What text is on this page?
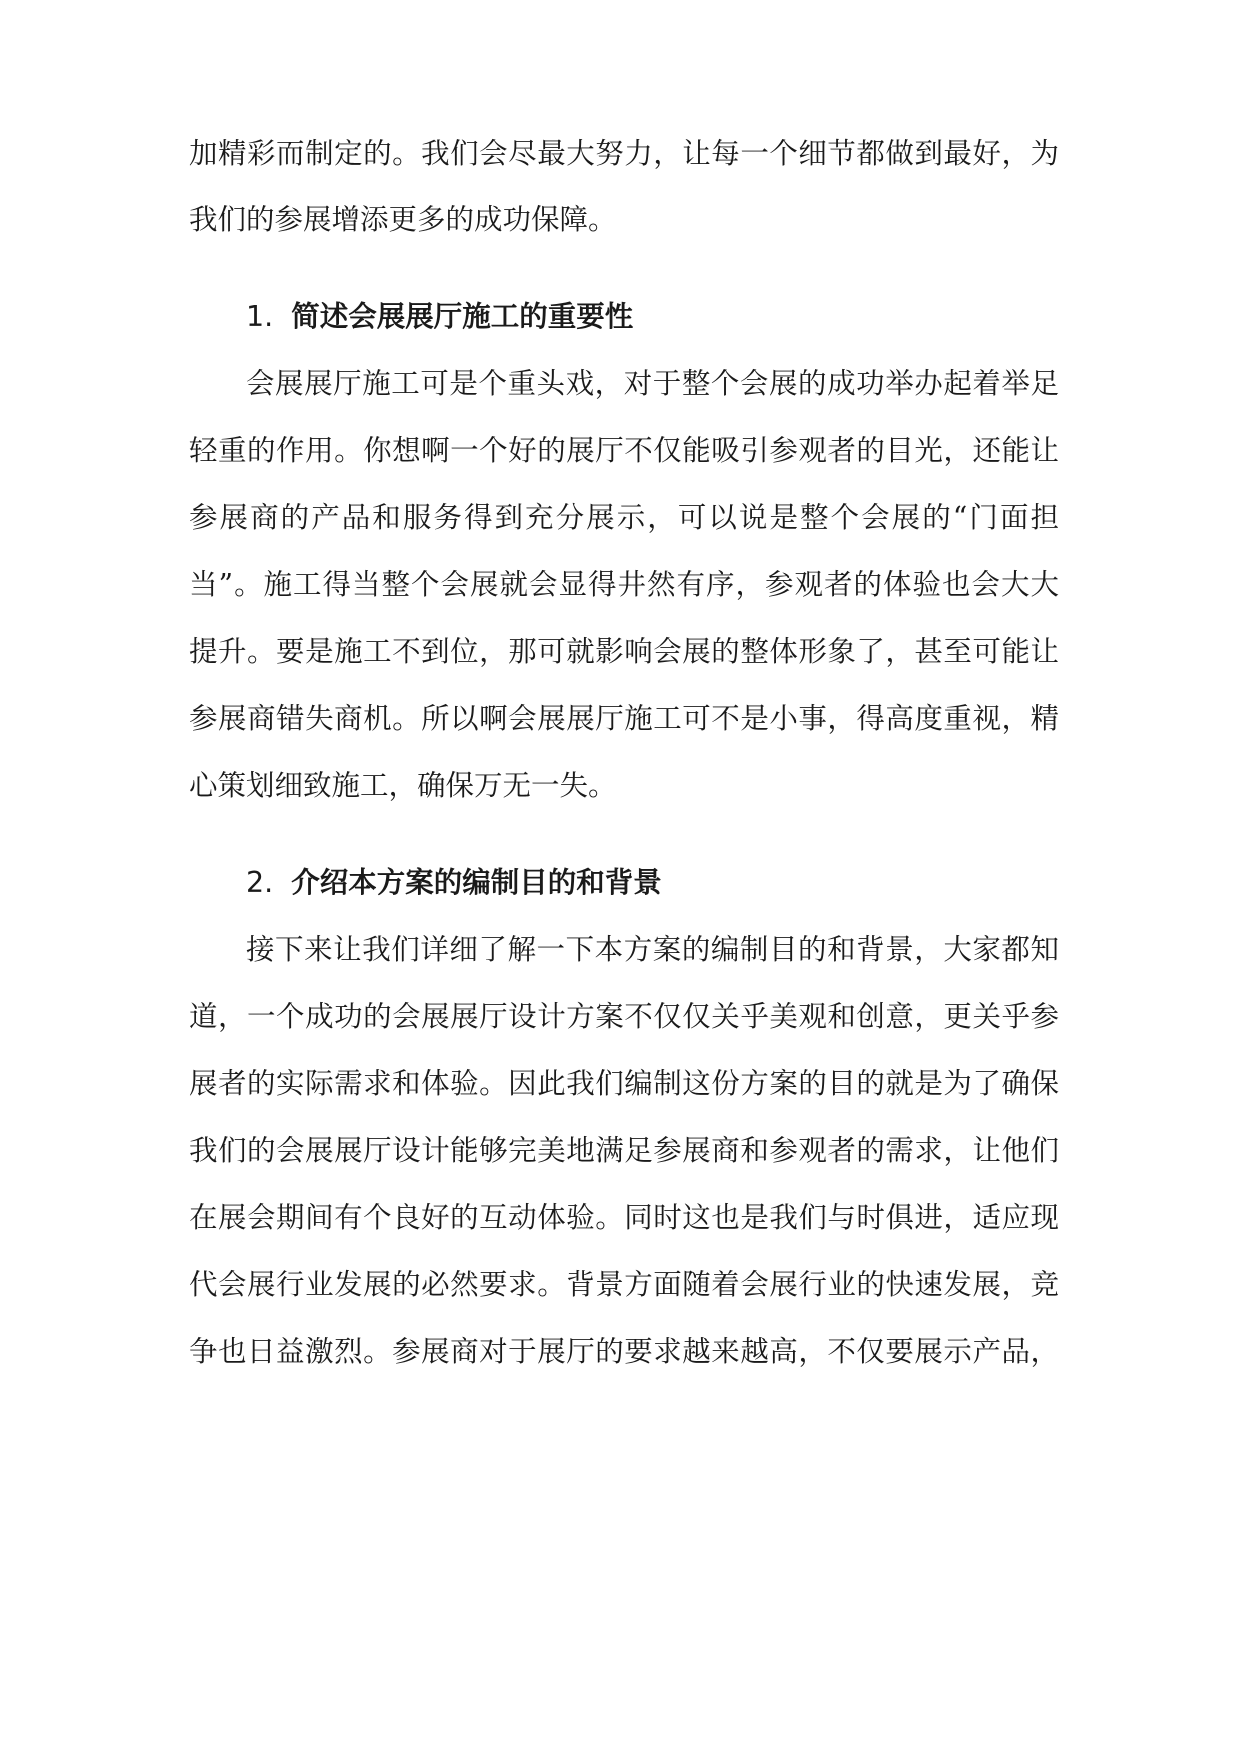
加精彩而制定的。我们会尽最大努力，让每一个细节都做到最好，为
我们的参展增添更多的成功保障。
1. 简述会展展厅施工的重要性
会展展厅施工可是个重头戏，对于整个会展的成功举办起着举足
轻重的作用。你想啊一个好的展厅不仅能吸引参观者的目光，还能让
参展商的产品和服务得到充分展示，可以说是整个会展的“门面担
当”。施工得当整个会展就会显得井然有序，参观者的体验也会大大
提升。要是施工不到位，那可就影响会展的整体形象了，甚至可能让
参展商错失商机。所以啊会展展厅施工可不是小事，得高度重视，精
心策划细致施工，确保万无一失。
2. 介绍本方案的编制目的和背景
接下来让我们详细了解一下本方案的编制目的和背景，大家都知
道，一个成功的会展展厅设计方案不仅仅关乎美观和创意，更关乎参
展者的实际需求和体验。因此我们编制这份方案的目的就是为了确保
我们的会展展厅设计能够完美地满足参展商和参观者的需求，让他们
在展会期间有个良好的互动体验。同时这也是我们与时俱进，适应现
代会展行业发展的必然要求。背景方面随着会展行业的快速发展，竞
争也日益激烈。参展商对于展厅的要求越来越高，不仅要展示产品，
